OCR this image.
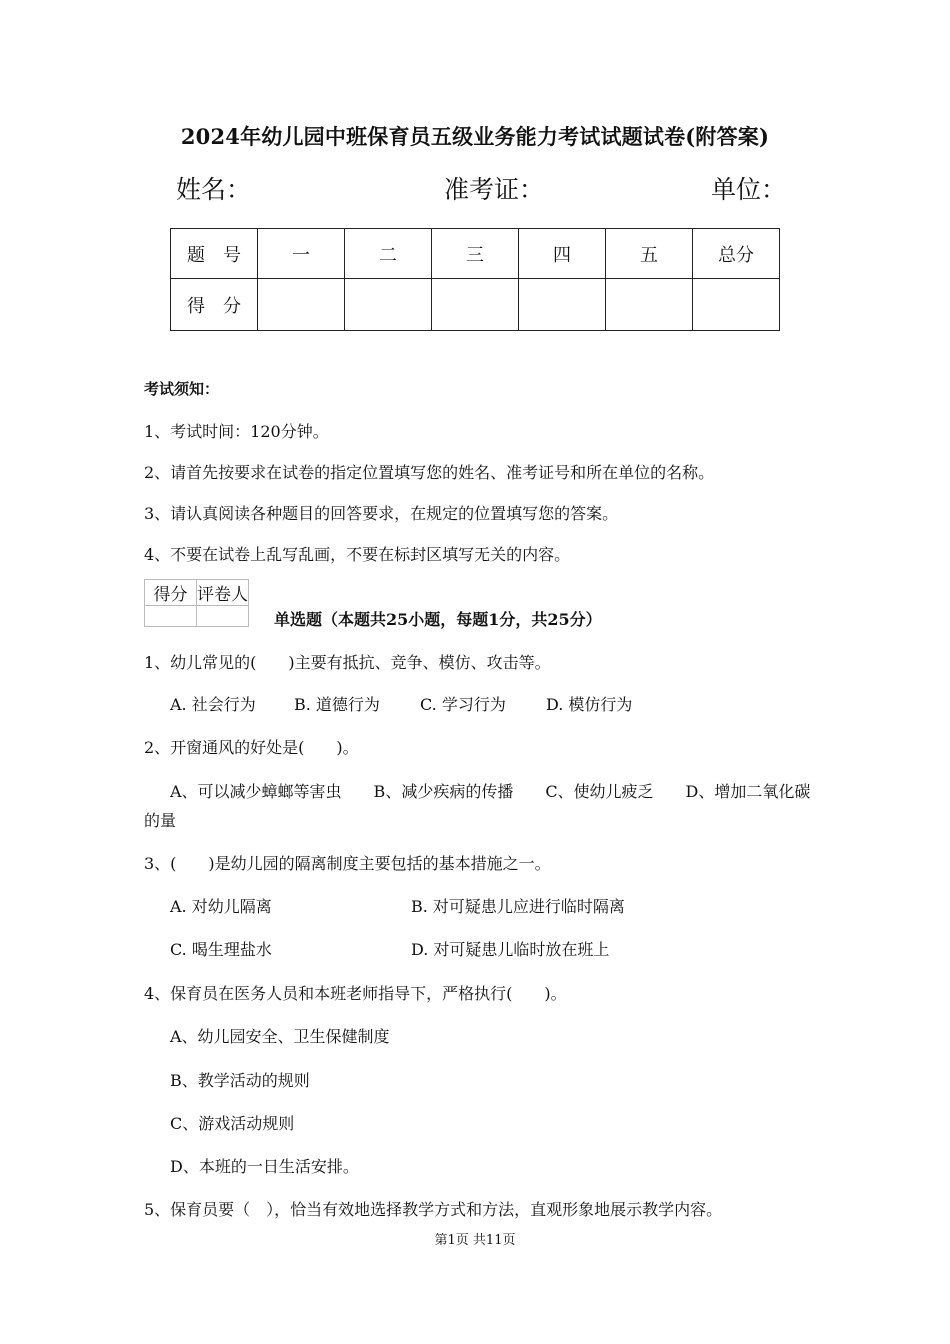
2024年幼儿园中班保育员五级业务能力考试试题试卷(附答案)
姓名：	准考证：	单位：
题　号	一	二	三	四	五	总分
得　分						
考试须知：
1、考试时间：120分钟。
2、请首先按要求在试卷的指定位置填写您的姓名、准考证号和所在单位的名称。
3、请认真阅读各种题目的回答要求，在规定的位置填写您的答案。
4、不要在试卷上乱写乱画，不要在标封区填写无关的内容。
得分	评卷人

单选题（本题共25小题，每题1分，共25分）
1、幼儿常见的(　　)主要有抵抗、竞争、模仿、攻击等。
A. 社会行为 B. 道德行为	C. 学习行为	D. 模仿行为
2、开窗通风的好处是(　　)。
A、可以减少蟑螂等害虫　　B、减少疾病的传播　　C、使幼儿疲乏　　D、增加二氧化碳
的量
3、(　　)是幼儿园的隔离制度主要包括的基本措施之一。
A. 对幼儿隔离	B. 对可疑患儿应进行临时隔离
C. 喝生理盐水	D. 对可疑患儿临时放在班上
4、保育员在医务人员和本班老师指导下，严格执行(　　)。
A、幼儿园安全、卫生保健制度
B、教学活动的规则
C、游戏活动规则
D、本班的一日生活安排。
5、保育员要（　），恰当有效地选择教学方式和方法，直观形象地展示教学内容。
第1页 共11页
